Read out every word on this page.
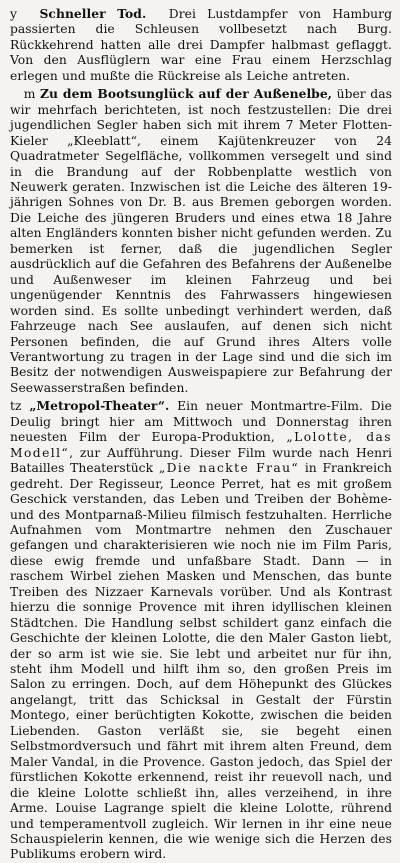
y Schneller Tod. Drei Lustdampfer von Hamburg passierten die Schleusen vollbesetzt nach Burg. Rückkehrend hatten alle drei Dampfer halbmast geflaggt. Von den Ausflüglern war eine Frau einem Herzschlag erlegen und mußte die Rückreise als Leiche antreten.

m Zu dem Bootsunglück auf der Außenelbe, über das wir mehrfach berichteten, ist noch festzustellen: Die drei jugendlichen Segler haben sich mit ihrem 7 Meter Flotten-Kieler „Kleeblatt“, einem Kajütenkreuzer von 24 Quadratmeter Segelfläche, vollkommen versegelt und sind in die Brandung auf der Robbenplatte westlich von Neuwerk geraten. Inzwischen ist die Leiche des älteren 19-jährigen Sohnes von Dr. B. aus Bremen geborgen worden. Die Leiche des jüngeren Bruders und eines etwa 18 Jahre alten Engländers konnten bisher nicht gefunden werden. Zu bemerken ist ferner, daß die jugendlichen Segler ausdrücklich auf die Gefahren des Befahrens der Außenelbe und Außenweser im kleinen Fahrzeug und bei ungenügender Kenntnis des Fahrwassers hingewiesen worden sind. Es sollte unbedingt verhindert werden, daß Fahrzeuge nach See auslaufen, auf denen sich nicht Personen befinden, die auf Grund ihres Alters volle Verantwortung zu tragen in der Lage sind und die sich im Besitz der notwendigen Ausweispapiere zur Befahrung der Seewasserstraßen befinden.

tz „Metropol-Theater“. Ein neuer Montmartre-Film. Die Deulig bringt hier am Mittwoch und Donnerstag ihren neuesten Film der Europa-Produktion, „Lolotte, das Modell“, zur Aufführung. Dieser Film wurde nach Henri Batailles Theaterstück „Die nackte Frau“ in Frankreich gedreht. Der Regisseur, Leonce Perret, hat es mit großem Geschick verstanden, das Leben und Treiben der Bohème- und des Montparnaß-Milieu filmisch festzuhalten. Herrliche Aufnahmen vom Montmartre nehmen den Zuschauer gefangen und charakterisieren wie noch nie im Film Paris, diese ewig fremde und unfaßbare Stadt. Dann — in raschem Wirbel ziehen Masken und Menschen, das bunte Treiben des Nizzaer Karnevals vorüber. Und als Kontrast hierzu die sonnige Provence mit ihren idyllischen kleinen Städtchen. Die Handlung selbst schildert ganz einfach die Geschichte der kleinen Lolotte, die den Maler Gaston liebt, der so arm ist wie sie. Sie lebt und arbeitet nur für ihn, steht ihm Modell und hilft ihm so, den großen Preis im Salon zu erringen. Doch, auf dem Höhepunkt des Glückes angelangt, tritt das Schicksal in Gestalt der Fürstin Montego, einer berüchtigten Kokotte, zwischen die beiden Liebenden. Gaston verläßt sie, sie begeht einen Selbstmordversuch und fährt mit ihrem alten Freund, dem Maler Vandal, in die Provence. Gaston jedoch, das Spiel der fürstlichen Kokotte erkennend, reist ihr reuevoll nach, und die kleine Lolotte schließt ihn, alles verzeihend, in ihre Arme. Louise Lagrange spielt die kleine Lolotte, rührend und temperamentvoll zugleich. Wir lernen in ihr eine neue Schauspielerin kennen, die wie wenige sich die Herzen des Publikums erobern wird.
